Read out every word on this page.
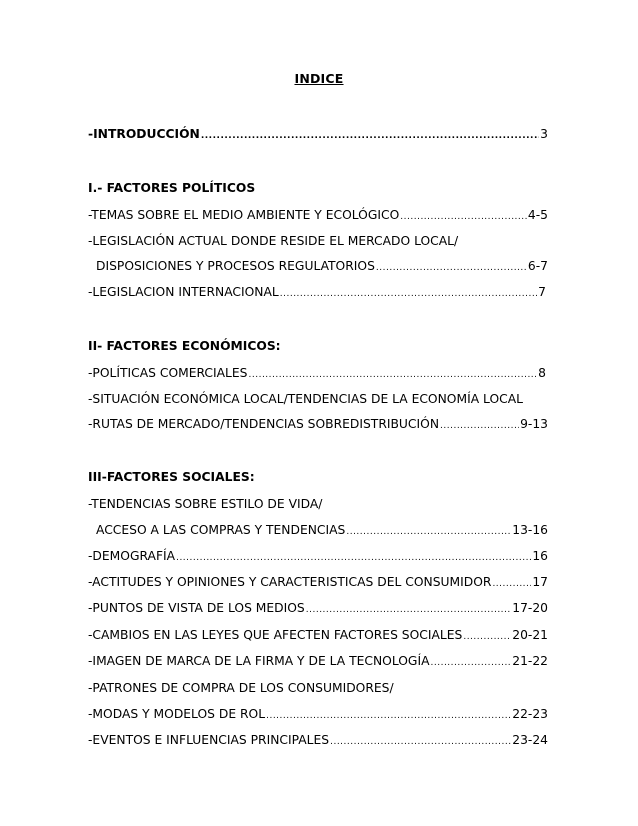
INDICE
-INTRODUCCIÓN .....	3
I.- FACTORES POLÍTICOS
-TEMAS SOBRE EL MEDIO AMBIENTE Y ECOLÓGICO .....	4-5
-LEGISLACIÓN ACTUAL DONDE RESIDE EL MERCADO LOCAL/
DISPOSICIONES Y PROCESOS REGULATORIOS .....	6-7
-LEGISLACION INTERNACIONAL .....	7
II- FACTORES ECONÓMICOS:
-POLÍTICAS COMERCIALES .....	8
-SITUACIÓN ECONÓMICA LOCAL/TENDENCIAS DE LA ECONOMÍA LOCAL
-RUTAS DE MERCADO/TENDENCIAS SOBREDISTRIBUCIÓN .....	9-13
III-FACTORES SOCIALES:
-TENDENCIAS SOBRE ESTILO DE VIDA/
ACCESO A LAS COMPRAS Y TENDENCIAS .....	13-16
-DEMOGRAFÍA .....	16
-ACTITUDES Y OPINIONES Y CARACTERISTICAS DEL CONSUMIDOR .....	17
-PUNTOS DE VISTA DE LOS MEDIOS .....	17-20
-CAMBIOS EN LAS LEYES QUE AFECTEN FACTORES SOCIALES .....	20-21
-IMAGEN DE MARCA DE LA FIRMA Y DE LA TECNOLOGÍA .....	21-22
-PATRONES DE COMPRA DE LOS CONSUMIDORES/
-MODAS Y MODELOS DE ROL .....	22-23
-EVENTOS E INFLUENCIAS PRINCIPALES .....	23-24
